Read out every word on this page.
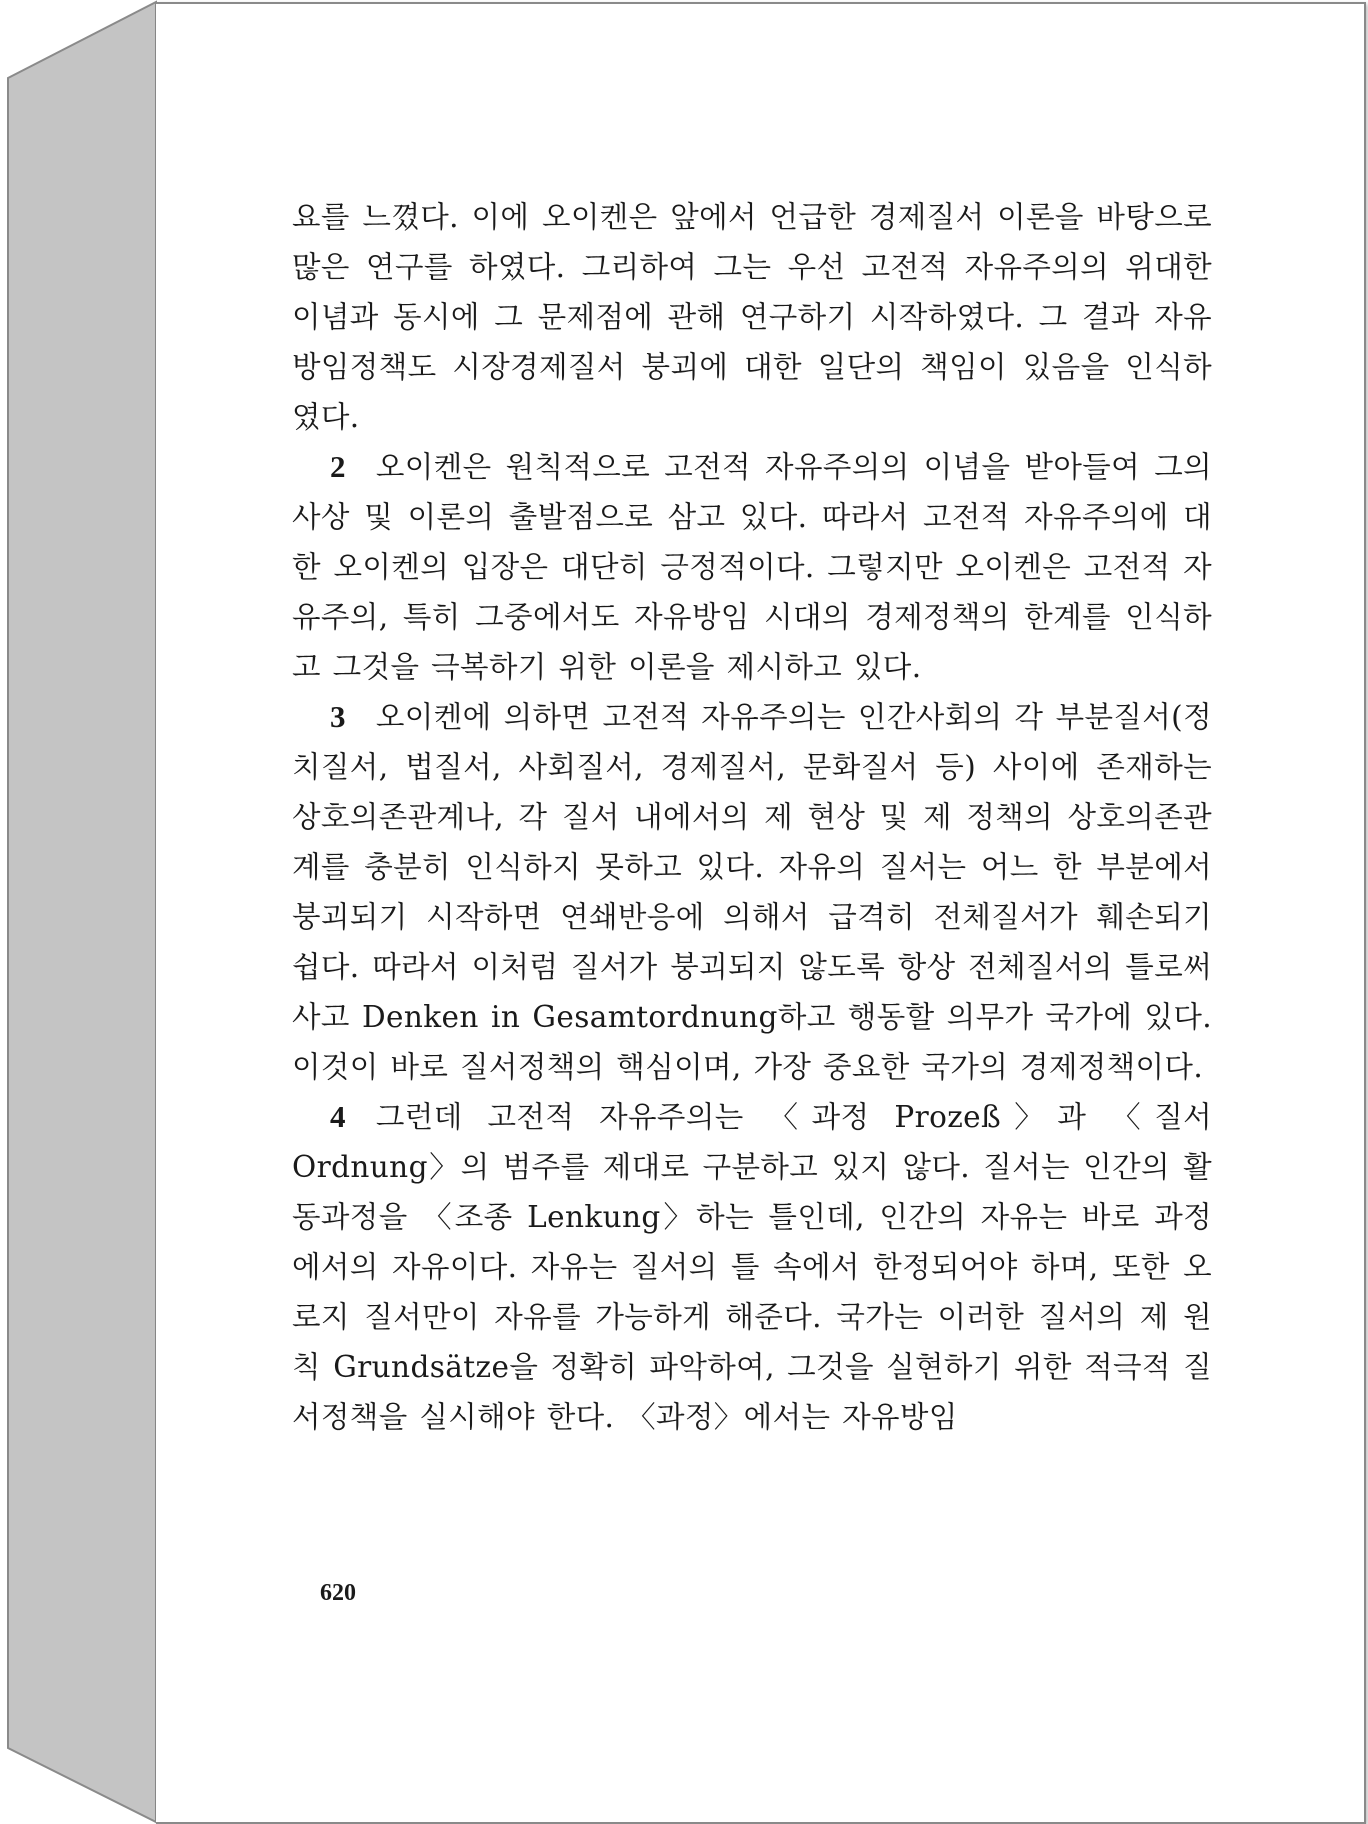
요를 느꼈다. 이에 오이켄은 앞에서 언급한 경제질서 이론을 바탕으로 많은 연구를 하였다. 그리하여 그는 우선 고전적 자유주의의 위대한 이념과 동시에 그 문제점에 관해 연구하기 시작하였다. 그 결과 자유방임정책도 시장경제질서 붕괴에 대한 일단의 책임이 있음을 인식하였다.

2 오이켄은 원칙적으로 고전적 자유주의의 이념을 받아들여 그의 사상 및 이론의 출발점으로 삼고 있다. 따라서 고전적 자유주의에 대한 오이켄의 입장은 대단히 긍정적이다. 그렇지만 오이켄은 고전적 자유주의, 특히 그중에서도 자유방임 시대의 경제정책의 한계를 인식하고 그것을 극복하기 위한 이론을 제시하고 있다.

3 오이켄에 의하면 고전적 자유주의는 인간사회의 각 부분질서(정치질서, 법질서, 사회질서, 경제질서, 문화질서 등) 사이에 존재하는 상호의존관계나, 각 질서 내에서의 제 현상 및 제 정책의 상호의존관계를 충분히 인식하지 못하고 있다. 자유의 질서는 어느 한 부분에서 붕괴되기 시작하면 연쇄반응에 의해서 급격히 전체질서가 훼손되기 쉽다. 따라서 이처럼 질서가 붕괴되지 않도록 항상 전체질서의 틀로써 사고 Denken in Gesamtordnung하고 행동할 의무가 국가에 있다. 이것이 바로 질서정책의 핵심이며, 가장 중요한 국가의 경제정책이다.

4 그런데 고전적 자유주의는 〈과정 Prozeß〉과 〈질서 Ordnung〉의 범주를 제대로 구분하고 있지 않다. 질서는 인간의 활동과정을 〈조종 Lenkung〉하는 틀인데, 인간의 자유는 바로 과정에서의 자유이다. 자유는 질서의 틀 속에서 한정되어야 하며, 또한 오로지 질서만이 자유를 가능하게 해준다. 국가는 이러한 질서의 제 원칙 Grundsätze을 정확히 파악하여, 그것을 실현하기 위한 적극적 질서정책을 실시해야 한다. 〈과정〉에서는 자유방임

620
